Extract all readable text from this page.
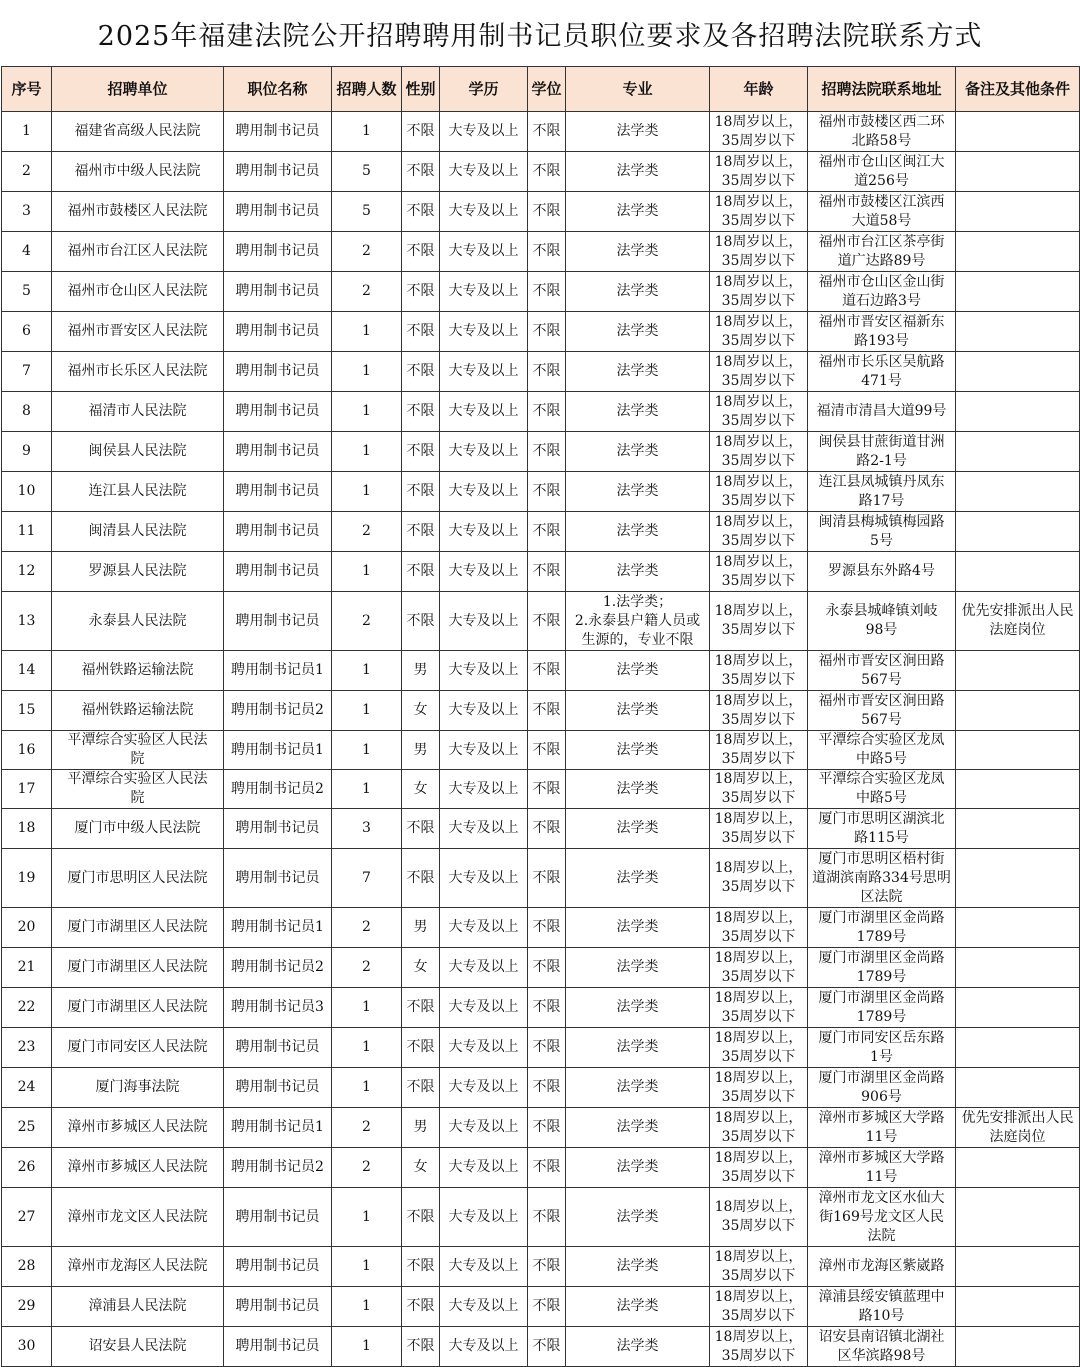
2025年福建法院公开招聘聘用制书记员职位要求及各招聘法院联系方式
序号	招聘单位	职位名称	招聘人数	性别	学历	学位	专业	年龄	招聘法院联系地址	备注及其他条件
1	福建省高级人民法院	聘用制书记员	1	不限	大专及以上	不限	法学类	18周岁以上，
35周岁以下	福州市鼓楼区西二环
北路58号	
2	福州市中级人民法院	聘用制书记员	5	不限	大专及以上	不限	法学类	18周岁以上，
35周岁以下	福州市仓山区闽江大
道256号	
3	福州市鼓楼区人民法院	聘用制书记员	5	不限	大专及以上	不限	法学类	18周岁以上，
35周岁以下	福州市鼓楼区江滨西
大道58号	
4	福州市台江区人民法院	聘用制书记员	2	不限	大专及以上	不限	法学类	18周岁以上，
35周岁以下	福州市台江区茶亭街
道广达路89号	
5	福州市仓山区人民法院	聘用制书记员	2	不限	大专及以上	不限	法学类	18周岁以上，
35周岁以下	福州市仓山区金山街
道石边路3号	
6	福州市晋安区人民法院	聘用制书记员	1	不限	大专及以上	不限	法学类	18周岁以上，
35周岁以下	福州市晋安区福新东
路193号	
7	福州市长乐区人民法院	聘用制书记员	1	不限	大专及以上	不限	法学类	18周岁以上，
35周岁以下	福州市长乐区吴航路
471号	
8	福清市人民法院	聘用制书记员	1	不限	大专及以上	不限	法学类	18周岁以上，
35周岁以下	福清市清昌大道99号	
9	闽侯县人民法院	聘用制书记员	1	不限	大专及以上	不限	法学类	18周岁以上，
35周岁以下	闽侯县甘蔗街道甘洲
路2-1号	
10	连江县人民法院	聘用制书记员	1	不限	大专及以上	不限	法学类	18周岁以上，
35周岁以下	连江县凤城镇丹凤东
路17号	
11	闽清县人民法院	聘用制书记员	2	不限	大专及以上	不限	法学类	18周岁以上，
35周岁以下	闽清县梅城镇梅园路
5号	
12	罗源县人民法院	聘用制书记员	1	不限	大专及以上	不限	法学类	18周岁以上，
35周岁以下	罗源县东外路4号	
13	永泰县人民法院	聘用制书记员	2	不限	大专及以上	不限	1.法学类；
2.永泰县户籍人员或
生源的，专业不限	18周岁以上，
35周岁以下	永泰县城峰镇刘岐
98号	优先安排派出人民
法庭岗位
14	福州铁路运输法院	聘用制书记员1	1	男	大专及以上	不限	法学类	18周岁以上，
35周岁以下	福州市晋安区涧田路
567号	
15	福州铁路运输法院	聘用制书记员2	1	女	大专及以上	不限	法学类	18周岁以上，
35周岁以下	福州市晋安区涧田路
567号	
16	平潭综合实验区人民法
院	聘用制书记员1	1	男	大专及以上	不限	法学类	18周岁以上，
35周岁以下	平潭综合实验区龙凤
中路5号	
17	平潭综合实验区人民法
院	聘用制书记员2	1	女	大专及以上	不限	法学类	18周岁以上，
35周岁以下	平潭综合实验区龙凤
中路5号	
18	厦门市中级人民法院	聘用制书记员	3	不限	大专及以上	不限	法学类	18周岁以上，
35周岁以下	厦门市思明区湖滨北
路115号	
19	厦门市思明区人民法院	聘用制书记员	7	不限	大专及以上	不限	法学类	18周岁以上，
35周岁以下	厦门市思明区梧村街
道湖滨南路334号思明
区法院	
20	厦门市湖里区人民法院	聘用制书记员1	2	男	大专及以上	不限	法学类	18周岁以上，
35周岁以下	厦门市湖里区金尚路
1789号	
21	厦门市湖里区人民法院	聘用制书记员2	2	女	大专及以上	不限	法学类	18周岁以上，
35周岁以下	厦门市湖里区金尚路
1789号	
22	厦门市湖里区人民法院	聘用制书记员3	1	不限	大专及以上	不限	法学类	18周岁以上，
35周岁以下	厦门市湖里区金尚路
1789号	
23	厦门市同安区人民法院	聘用制书记员	1	不限	大专及以上	不限	法学类	18周岁以上，
35周岁以下	厦门市同安区岳东路
1号	
24	厦门海事法院	聘用制书记员	1	不限	大专及以上	不限	法学类	18周岁以上，
35周岁以下	厦门市湖里区金尚路
906号	
25	漳州市芗城区人民法院	聘用制书记员1	2	男	大专及以上	不限	法学类	18周岁以上，
35周岁以下	漳州市芗城区大学路
11号	优先安排派出人民
法庭岗位
26	漳州市芗城区人民法院	聘用制书记员2	2	女	大专及以上	不限	法学类	18周岁以上，
35周岁以下	漳州市芗城区大学路
11号	
27	漳州市龙文区人民法院	聘用制书记员	1	不限	大专及以上	不限	法学类	18周岁以上，
35周岁以下	漳州市龙文区水仙大
街169号龙文区人民
法院	
28	漳州市龙海区人民法院	聘用制书记员	1	不限	大专及以上	不限	法学类	18周岁以上，
35周岁以下	漳州市龙海区紫崴路	
29	漳浦县人民法院	聘用制书记员	1	不限	大专及以上	不限	法学类	18周岁以上，
35周岁以下	漳浦县绥安镇蓝理中
路10号	
30	诏安县人民法院	聘用制书记员	1	不限	大专及以上	不限	法学类	18周岁以上，
35周岁以下	诏安县南诏镇北湖社
区华滨路98号	
